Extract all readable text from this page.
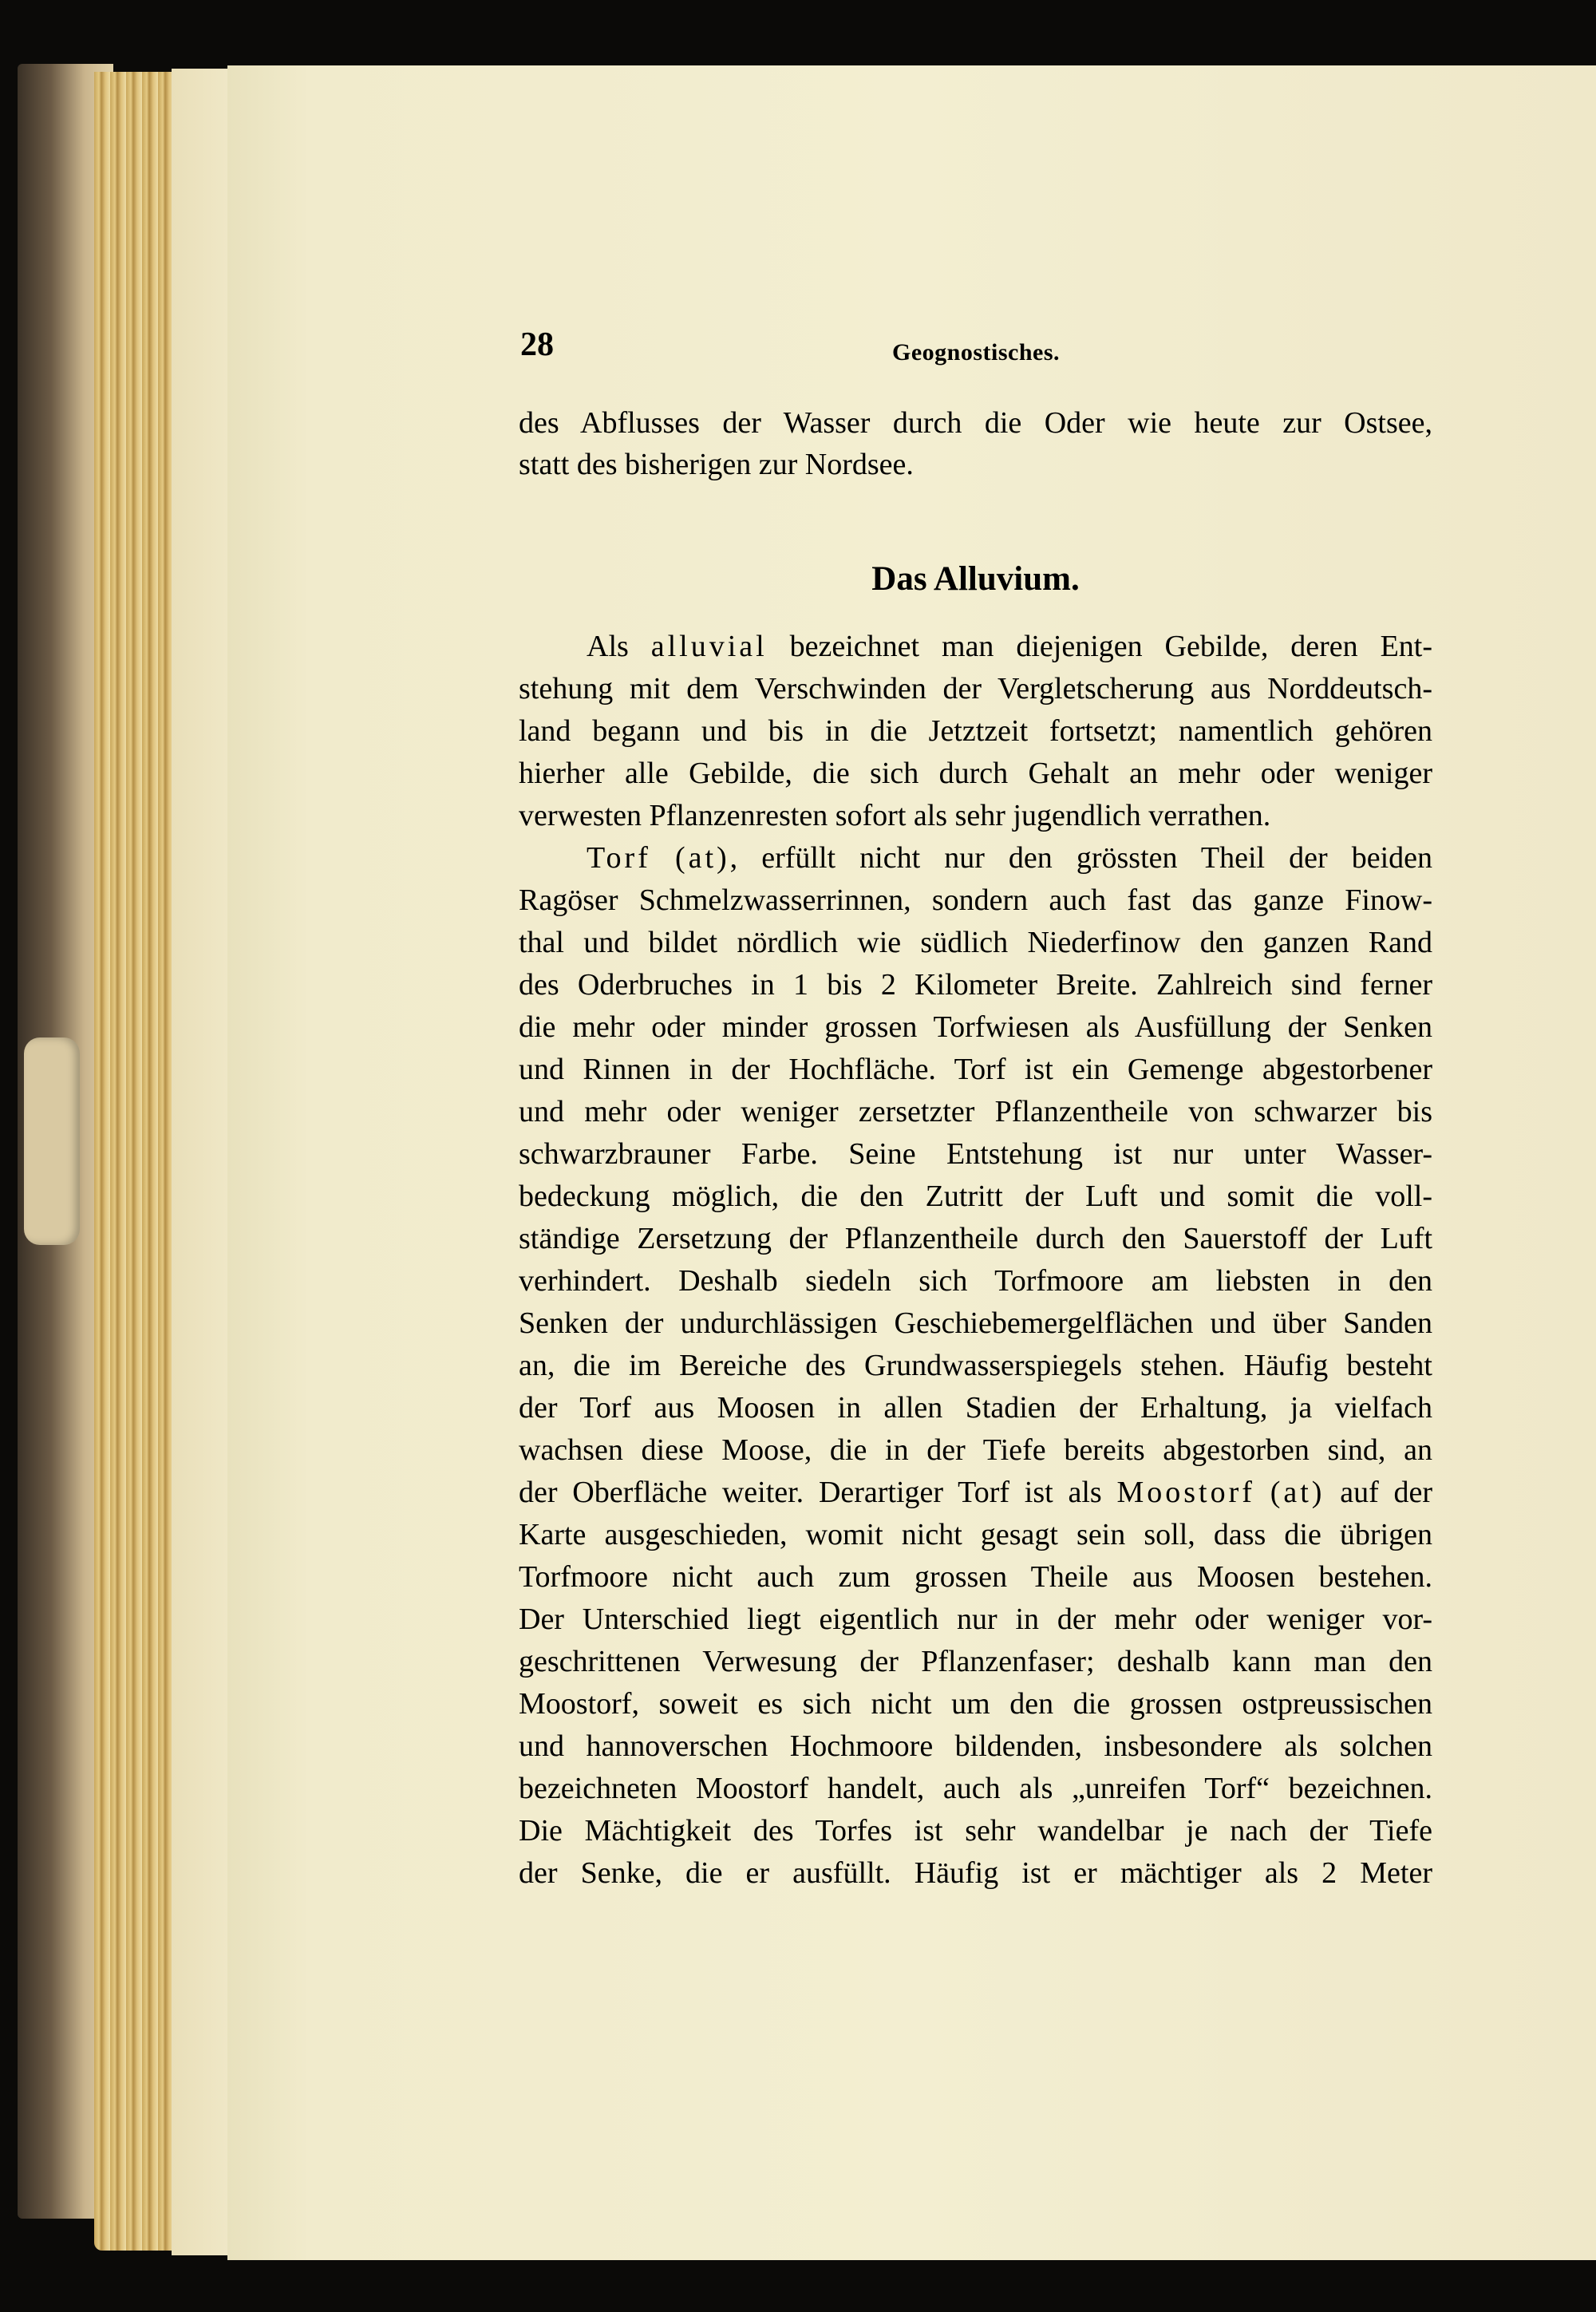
28	Geognostisches.
des Abflusses der Wasser durch die Oder wie heute zur Ostsee,
statt des bisherigen zur Nordsee.
Das Alluvium.
Als alluvial bezeichnet man diejenigen Gebilde, deren Ent-
stehung mit dem Verschwinden der Vergletscherung aus Norddeutsch-
land begann und bis in die Jetztzeit fortsetzt; namentlich gehören
hierher alle Gebilde, die sich durch Gehalt an mehr oder weniger
verwesten Pflanzenresten sofort als sehr jugendlich verrathen.
Torf (at), erfüllt nicht nur den grössten Theil der beiden
Ragöser Schmelzwasserrinnen, sondern auch fast das ganze Finow-
thal und bildet nördlich wie südlich Niederfinow den ganzen Rand
des Oderbruches in 1 bis 2 Kilometer Breite. Zahlreich sind ferner
die mehr oder minder grossen Torfwiesen als Ausfüllung der Senken
und Rinnen in der Hochfläche. Torf ist ein Gemenge abgestorbener
und mehr oder weniger zersetzter Pflanzentheile von schwarzer bis
schwarzbrauner Farbe. Seine Entstehung ist nur unter Wasser-
bedeckung möglich, die den Zutritt der Luft und somit die voll-
ständige Zersetzung der Pflanzentheile durch den Sauerstoff der Luft
verhindert. Deshalb siedeln sich Torfmoore am liebsten in den
Senken der undurchlässigen Geschiebemergelflächen und über Sanden
an, die im Bereiche des Grundwasserspiegels stehen. Häufig besteht
der Torf aus Moosen in allen Stadien der Erhaltung, ja vielfach
wachsen diese Moose, die in der Tiefe bereits abgestorben sind, an
der Oberfläche weiter. Derartiger Torf ist als Moostorf (at) auf der
Karte ausgeschieden, womit nicht gesagt sein soll, dass die übrigen
Torfmoore nicht auch zum grossen Theile aus Moosen bestehen.
Der Unterschied liegt eigentlich nur in der mehr oder weniger vor-
geschrittenen Verwesung der Pflanzenfaser; deshalb kann man den
Moostorf, soweit es sich nicht um den die grossen ostpreussischen
und hannoverschen Hochmoore bildenden, insbesondere als solchen
bezeichneten Moostorf handelt, auch als „unreifen Torf“ bezeichnen.
Die Mächtigkeit des Torfes ist sehr wandelbar je nach der Tiefe
der Senke, die er ausfüllt. Häufig ist er mächtiger als 2 Meter
